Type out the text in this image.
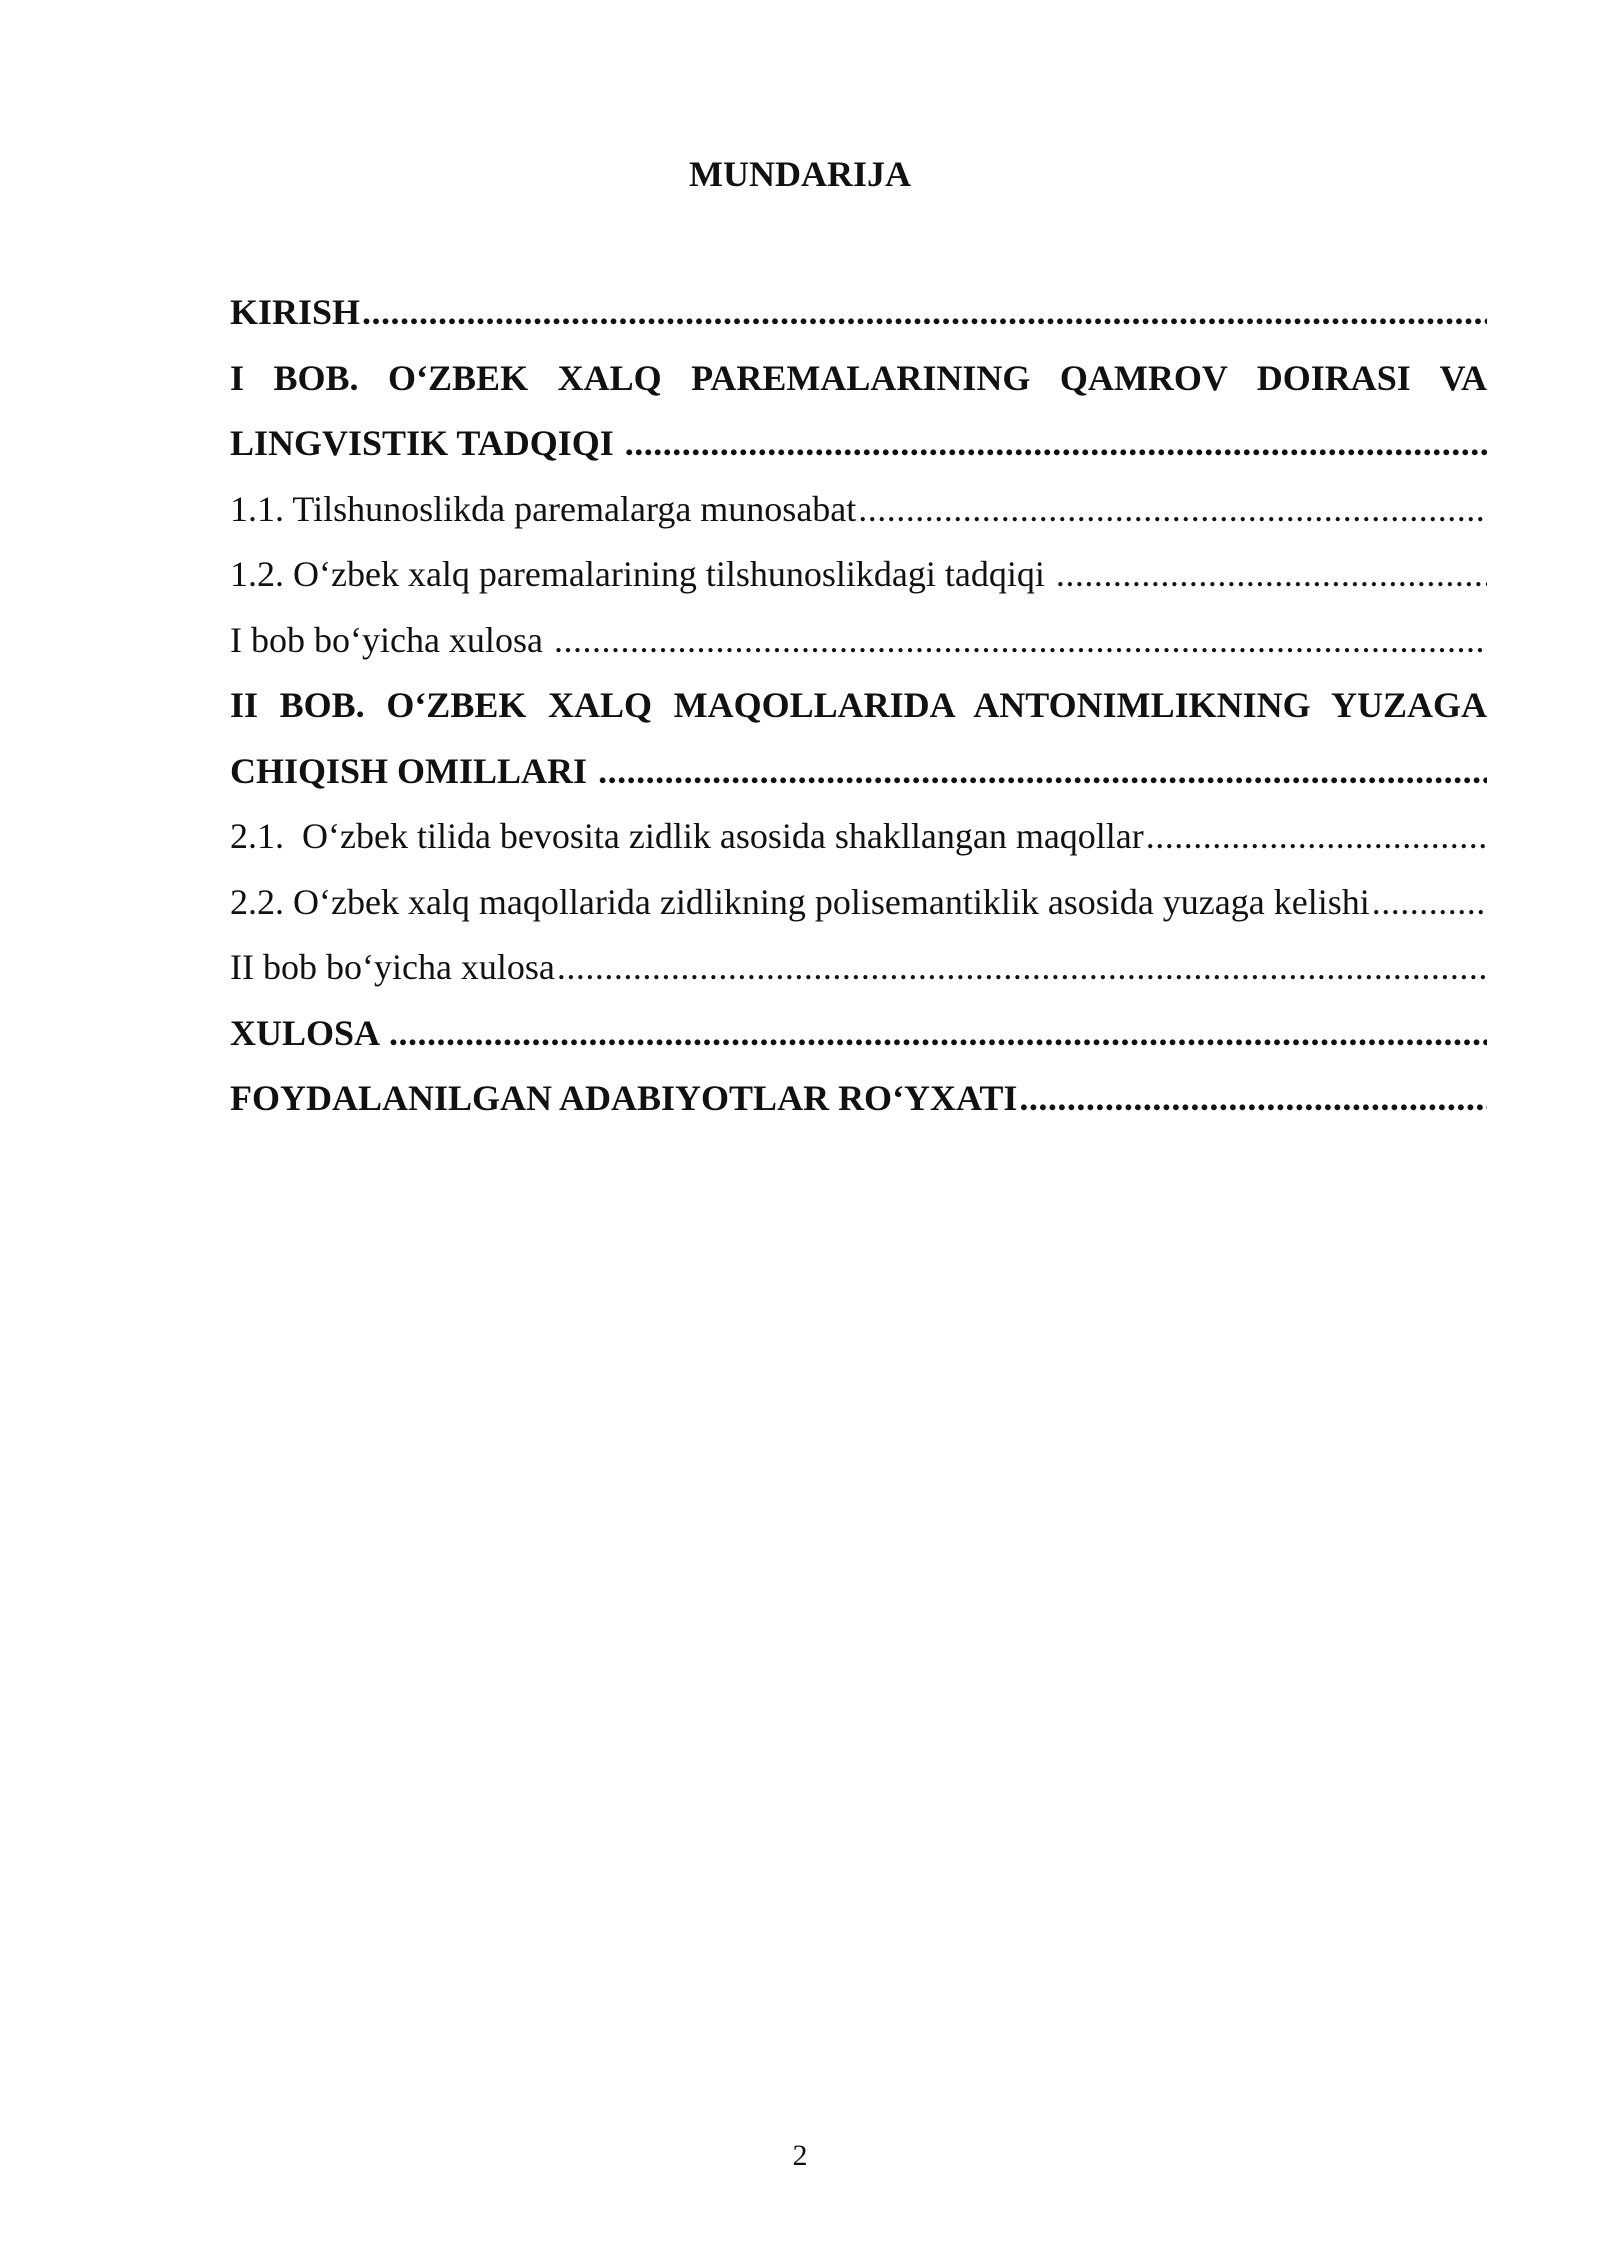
MUNDARIJA
KIRISH
.....
I BOB. O‘ZBEK XALQ PAREMALARINING QAMROV DOIRASI VA
LINGVISTIK TADQIQI
.....
1.1. Tilshunoslikda paremalarga munosabat
.....
1.2. O‘zbek xalq paremalarining tilshunoslikdagi tadqiqi
.....
I bob bo‘yicha xulosa
.....
II BOB. O‘ZBEK XALQ MAQOLLARIDA ANTONIMLIKNING YUZAGA
CHIQISH OMILLARI
.....
2.1.  O‘zbek tilida bevosita zidlik asosida shakllangan maqollar
.....
2.2. O‘zbek xalq maqollarida zidlikning polisemantiklik asosida yuzaga kelishi
.....
II bob bo‘yicha xulosa
.....
XULOSA
.....
FOYDALANILGAN ADABIYOTLAR RO‘YXATI
.....
2
